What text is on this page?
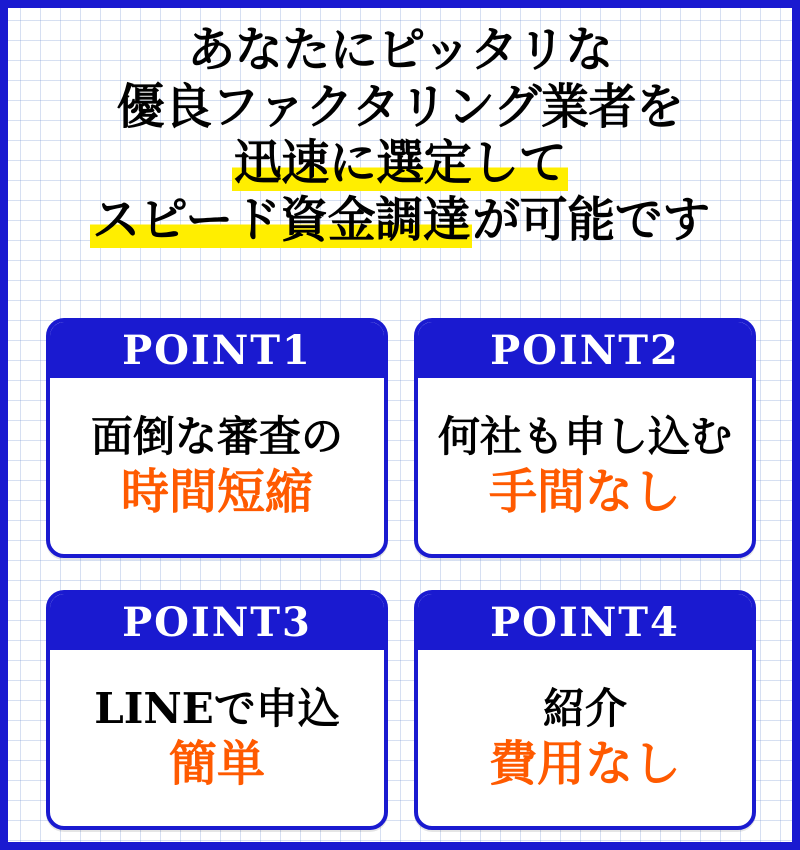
あなたにピッタリな
優良ファクタリング業者を
迅速に選定して
スピード資金調達が可能です
POINT1
面倒な審査の
時間短縮
POINT2
何社も申し込む
手間なし
POINT3
LINEで申込
簡単
POINT4
紹介
費用なし
